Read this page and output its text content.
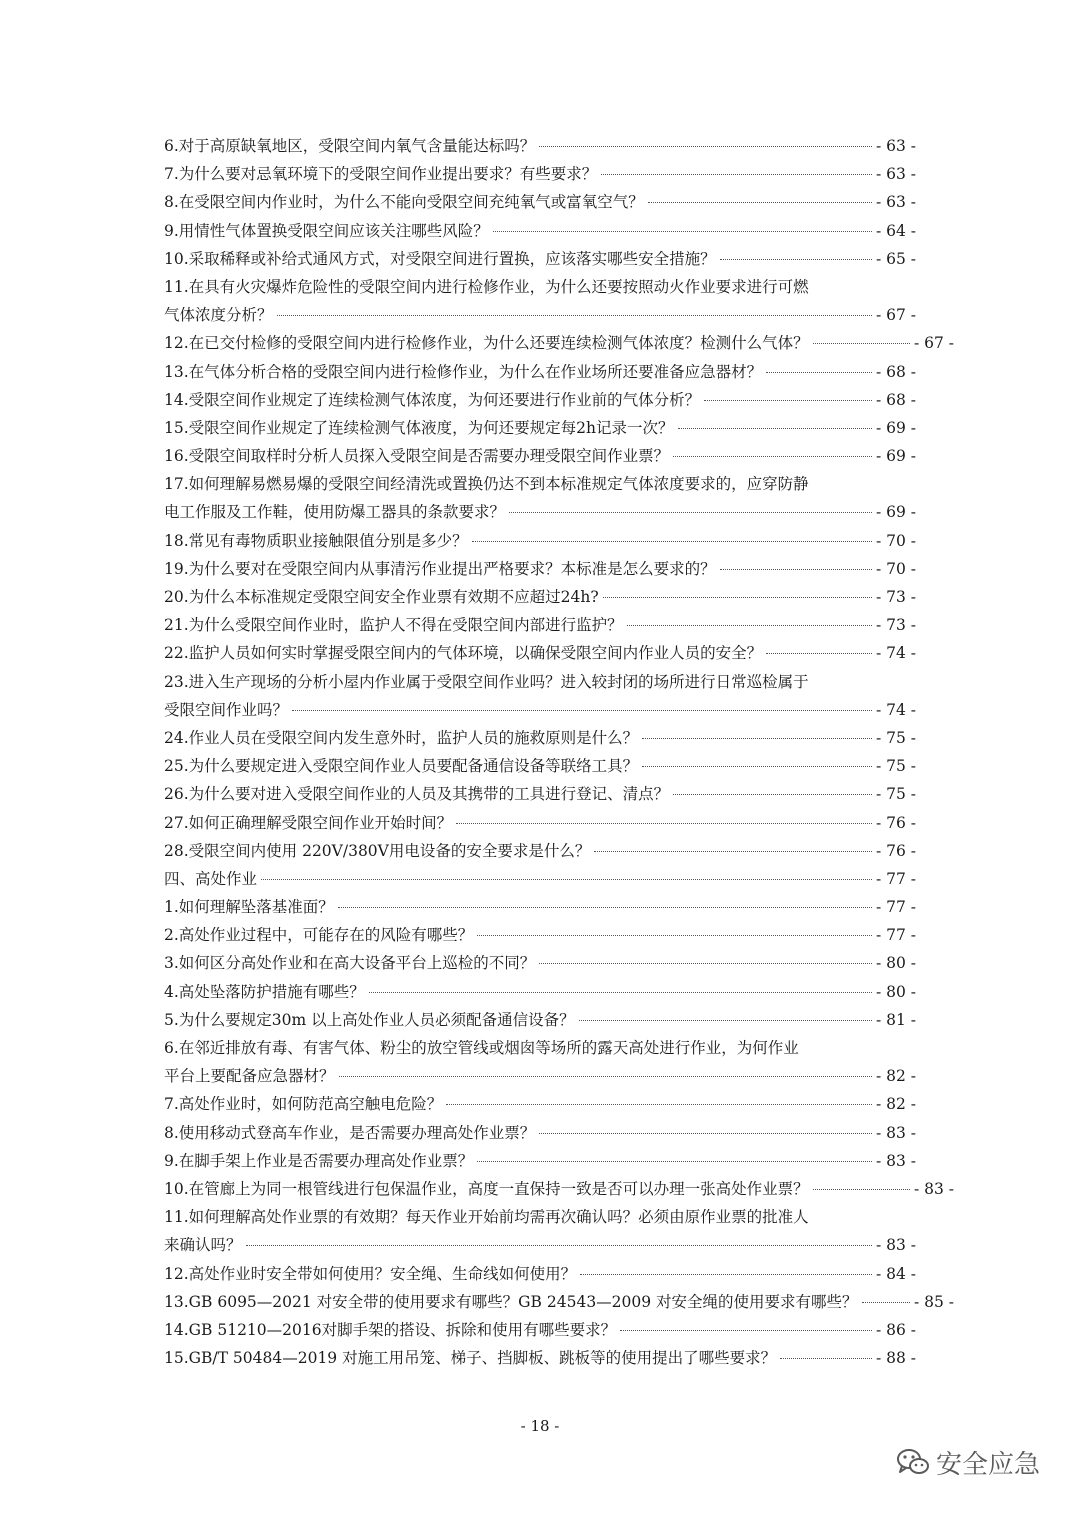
6.对于高原缺氧地区，受限空间内氧气含量能达标吗？	- 63 -
7.为什么要对忌氧环境下的受限空间作业提出要求？有些要求？	- 63 -
8.在受限空间内作业时，为什么不能向受限空间充纯氧气或富氧空气？	- 63 -
9.用情性气体置换受限空间应该关注哪些风险？	- 64 -
10.采取稀释或补给式通风方式，对受限空间进行置换，应该落实哪些安全措施？	- 65 -
11.在具有火灾爆炸危险性的受限空间内进行检修作业，为什么还要按照动火作业要求进行可燃
气体浓度分析？	- 67 -
12.在已交付检修的受限空间内进行检修作业，为什么还要连续检测气体浓度？检测什么气体？	- 67 -
13.在气体分析合格的受限空间内进行检修作业，为什么在作业场所还要准备应急器材？	- 68 -
14.受限空间作业规定了连续检测气体浓度，为何还要进行作业前的气体分析？	- 68 -
15.受限空间作业规定了连续检测气体液度，为何还要规定每2h记录一次？	- 69 -
16.受限空间取样时分析人员探入受限空间是否需要办理受限空间作业票？	- 69 -
17.如何理解易燃易爆的受限空间经清洗或置换仍达不到本标准规定气体浓度要求的，应穿防静
电工作服及工作鞋，使用防爆工器具的条款要求？	- 69 -
18.常见有毒物质职业接触限值分别是多少？	- 70 -
19.为什么要对在受限空间内从事清污作业提出严格要求？本标准是怎么要求的？	- 70 -
20.为什么本标准规定受限空间安全作业票有效期不应超过24h?	- 73 -
21.为什么受限空间作业时，监护人不得在受限空间内部进行监护？	- 73 -
22.监护人员如何实时掌握受限空间内的气体环境，以确保受限空间内作业人员的安全？	- 74 -
23.进入生产现场的分析小屋内作业属于受限空间作业吗？进入较封闭的场所进行日常巡检属于
受限空间作业吗？	- 74 -
24.作业人员在受限空间内发生意外时，监护人员的施救原则是什么？	- 75 -
25.为什么要规定进入受限空间作业人员要配备通信设备等联络工具？	- 75 -
26.为什么要对进入受限空间作业的人员及其携带的工具进行登记、清点？	- 75 -
27.如何正确理解受限空间作业开始时间？	- 76 -
28.受限空间内使用 220V/380V用电设备的安全要求是什么？	- 76 -
四、高处作业	- 77 -
1.如何理解坠落基准面？	- 77 -
2.高处作业过程中，可能存在的风险有哪些？	- 77 -
3.如何区分高处作业和在高大设备平台上巡检的不同？	- 80 -
4.高处坠落防护措施有哪些？	- 80 -
5.为什么要规定30m 以上高处作业人员必须配备通信设备？	- 81 -
6.在邻近排放有毒、有害气体、粉尘的放空管线或烟囱等场所的露天高处进行作业，为何作业
平台上要配备应急器材？	- 82 -
7.高处作业时，如何防范高空触电危险？	- 82 -
8.使用移动式登高车作业，是否需要办理高处作业票？	- 83 -
9.在脚手架上作业是否需要办理高处作业票？	- 83 -
10.在管廊上为同一根管线进行包保温作业，高度一直保持一致是否可以办理一张高处作业票？	- 83 -
11.如何理解高处作业票的有效期？每天作业开始前均需再次确认吗？必须由原作业票的批准人
来确认吗？	- 83 -
12.高处作业时安全带如何使用？安全绳、生命线如何使用？	- 84 -
13.GB 6095—2021 对安全带的使用要求有哪些？GB 24543—2009 对安全绳的使用要求有哪些？	- 85 -
14.GB 51210—2016对脚手架的搭设、拆除和使用有哪些要求？	- 86 -
15.GB/T 50484—2019 对施工用吊笼、梯子、挡脚板、跳板等的使用提出了哪些要求？	- 88 -
- 18 -
安全应急
